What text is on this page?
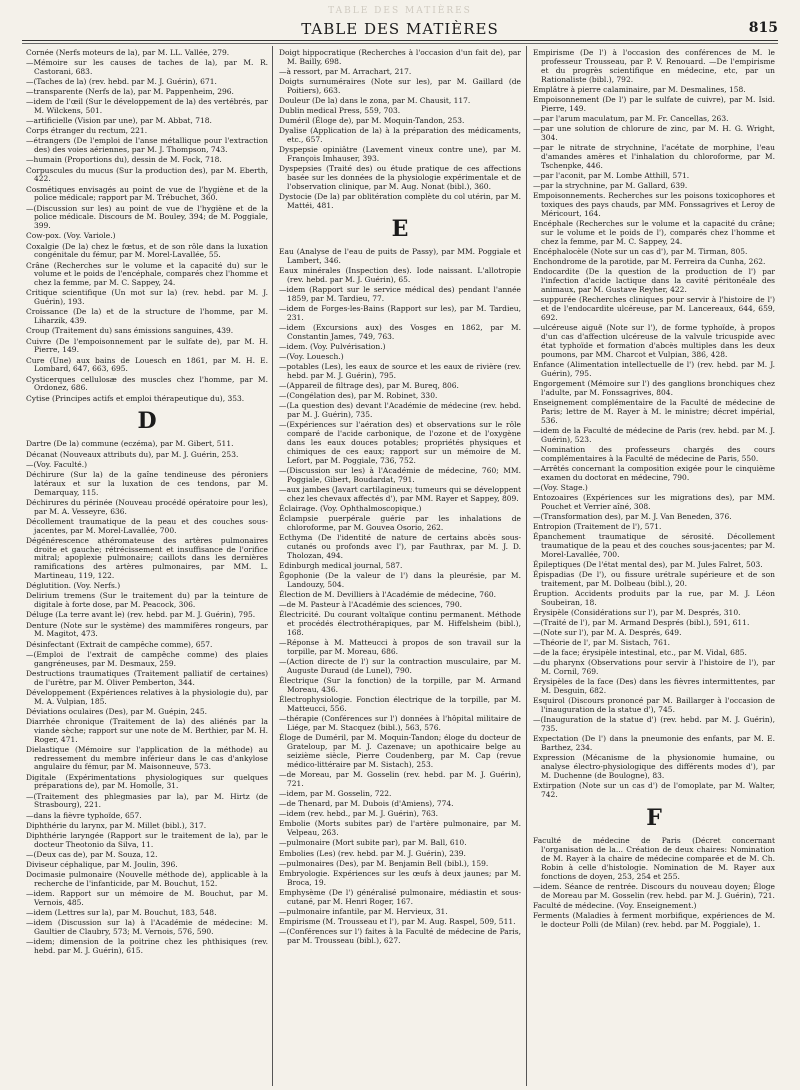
TABLE DES MATIÈRES
TABLE DES MATIÈRES	815
Cornée (Nerfs moteurs de la), par M. LL. Vallée, 279.
—Mémoire sur les causes de taches de la), par M. R. Castorani, 683.
—(Taches de la) (rev. hebd. par M. J. Guérin), 671.
—transparente (Nerfs de la), par M. Pappenheim, 296.
—idem de l'œil (Sur le développement de la) des vertébrés, par M. Wilckens, 501.
—artificielle (Vision par une), par M. Abbat, 718.
Corps étranger du rectum, 221.
—étrangers (De l'emploi de l'anse métallique pour l'extraction des) des voies aériennes, par M. J. Thompson, 743.
—humain (Proportions du), dessin de M. Fock, 718.
Corpuscules du mucus (Sur la production des), par M. Eberth, 422.
Cosmétiques envisagés au point de vue de l'hygiène et de la police médicale; rapport par M. Trébuchet, 360.
—(Discussion sur les) au point de vue de l'hygiène et de la police médicale. Discours de M. Bouley, 394; de M. Poggiale, 399.
Cow-pox. (Voy. Variole.)
Coxalgie (De la) chez le fœtus, et de son rôle dans la luxation congénitale du fémur, par M. Morel-Lavallée, 55.
Crâne (Recherches sur le volume et la capacité du) sur le volume et le poids de l'encéphale, comparés chez l'homme et chez la femme, par M. C. Sappey, 24.
Critique scientifique (Un mot sur la) (rev. hebd. par M. J. Guérin), 193.
Croissance (De la) et de la structure de l'homme, par M. Liharzik, 439.
Croup (Traitement du) sans émissions sanguines, 439.
Cuivre (De l'empoisonnement par le sulfate de), par M. H. Pierre, 149.
Cure (Une) aux bains de Louesch en 1861, par M. H. E. Lombard, 647, 663, 695.
Cysticerques cellulosæ des muscles chez l'homme, par M. Ordonez, 686.
Cytise (Principes actifs et emploi thérapeutique du), 353.
D
Dartre (De la) commune (eczéma), par M. Gibert, 511.
Décanat (Nouveaux attributs du), par M. J. Guérin, 253.
—(Voy. Faculté.)
Déchirure (Sur la) de la gaîne tendineuse des péroniers latéraux et sur la luxation de ces tendons, par M. Demarquay, 115.
Déchirures du périnée (Nouveau procédé opératoire pour les), par M. A. Vesseyre, 636.
Décollement traumatique de la peau et des couches sous-jacentes, par M. Morel-Lavallée, 700.
Dégénérescence athéromateuse des artères pulmonaires droite et gauche; rétrécissement et insuffisance de l'orifice mitral; apoplexie pulmonaire; caillots dans les dernières ramifications des artères pulmonaires, par MM. L. Martineau, 119, 122.
Déglutition. (Voy. Nerfs.)
Delirium tremens (Sur le traitement du) par la teinture de digitale à forte dose, par M. Peacock, 306.
Déluge (La terre avant le) (rev. hebd. par M. J. Guérin), 795.
Denture (Note sur le système) des mammifères rongeurs, par M. Magitot, 473.
Désinfectant (Extrait de campêche comme), 657.
—(Emploi de l'extrait de campêche comme) des plaies gangréneuses, par M. Desmaux, 259.
Destructions traumatiques (Traitement palliatif de certaines) de l'urètre, par M. Oliver Pemberton, 344.
Développement (Expériences relatives à la physiologie du), par M. A. Vulpian, 185.
Déviations oculaires (Des), par M. Guépin, 245.
Diarrhée chronique (Traitement de la) des aliénés par la viande sèche; rapport sur une note de M. Berthier, par M. H. Roger, 471.
Dielastique (Mémoire sur l'application de la méthode) au redressement du membre inférieur dans le cas d'ankylose angulaire du fémur, par M. Maisonneuve, 573.
Digitale (Expérimentations physiologiques sur quelques préparations de), par M. Homolle, 31.
—(Traitement des phlegmasies par la), par M. Hirtz (de Strasbourg), 221.
—dans la fièvre typhoïde, 657.
Diphthérie du larynx, par M. Millet (bibl.), 317.
Diphthérie laryngée (Rapport sur le traitement de la), par le docteur Theotonio da Silva, 11.
—(Deux cas de), par M. Souza, 12.
Diviseur céphalique, par M. Joulin, 396.
Docimasie pulmonaire (Nouvelle méthode de), applicable à la recherche de l'infanticide, par M. Bouchut, 152.
—idem. Rapport sur un mémoire de M. Bouchut, par M. Vernois, 485.
—idem (Lettres sur la), par M. Bouchut, 183, 548.
—idem (Discussion sur la) à l'Académie de médecine: M. Gaultier de Claubry, 573; M. Vernois, 576, 590.
—idem; dimension de la poitrine chez les phthisiques (rev. hebd. par M. J. Guérin), 615.
Doigt hippocratique (Recherches à l'occasion d'un fait de), par M. Bailly, 698.
—à ressort, par M. Arrachart, 217.
Doigts surnuméraires (Note sur les), par M. Gaillard (de Poitiers), 663.
Douleur (De la) dans le zona, par M. Chausit, 117.
Dublin medical Press, 559, 703.
Duméril (Éloge de), par M. Moquin-Tandon, 253.
Dyalise (Application de la) à la préparation des médicaments, etc., 657.
Dyspepsie opiniâtre (Lavement vineux contre une), par M. François Imhauser, 393.
Dyspepsies (Traité des) ou étude pratique de ces affections basée sur les données de la physiologie expérimentale et de l'observation clinique, par M. Aug. Nonat (bibl.), 360.
Dystocie (De la) par oblitération complète du col utérin, par M. Mattéi, 481.
E
Eau (Analyse de l'eau de puits de Passy), par MM. Poggiale et Lambert, 346.
Eaux minérales (Inspection des). Iode naissant. L'allotropie (rev. hebd. par M. J. Guérin), 65.
—idem (Rapport sur le service médical des) pendant l'année 1859, par M. Tardieu, 77.
—idem de Forges-les-Bains (Rapport sur les), par M. Tardieu, 231.
—idem (Excursions aux) des Vosges en 1862, par M. Constantin James, 749, 763.
—idem. (Voy. Pulvérisation.)
—(Voy. Louesch.)
—potables (Les), les eaux de source et les eaux de rivière (rev. hebd. par M. J. Guérin), 795.
—(Appareil de filtrage des), par M. Bureq, 806.
—(Congélation des), par M. Robinet, 330.
—(La question des) devant l'Académie de médecine (rev. hebd. par M. J. Guérin), 735.
—(Expériences sur l'aération des) et observations sur le rôle comparé de l'acide carbonique, de l'ozone et de l'oxygène dans les eaux douces potables; propriétés physiques et chimiques de ces eaux; rapport sur un mémoire de M. Lefort, par M. Poggiale, 736, 752.
—(Discussion sur les) à l'Académie de médecine, 760; MM. Poggiale, Gibert, Boudardat, 791.
—aux jambes (Javart cartilagineux; tumeurs qui se développent chez les chevaux affectés d'), par MM. Rayer et Sappey, 809.
Éclairage. (Voy. Ophthalmoscopique.)
Éclampsie puerpérale guérie par les inhalations de chloroforme, par M. Gouvea Osorio, 262.
Ecthyma (De l'identité de nature de certains abcès sous-cutanés ou profonds avec l'), par Fauthrax, par M. J. D. Tholozan, 494.
Edinburgh medical journal, 587.
Égophonie (De la valeur de l') dans la pleurésie, par M. Landouzy, 504.
Élection de M. Devilliers à l'Académie de médecine, 760.
—de M. Pasteur à l'Académie des sciences, 790.
Électricité. Du courant voltaïque continu permanent. Méthode et procédés électrothérapiques, par M. Hiffelsheim (bibl.), 168.
—Réponse à M. Matteucci à propos de son travail sur la torpille, par M. Moreau, 686.
—(Action directe de l') sur la contraction musculaire, par M. Auguste Duraud (de Lunel), 790.
Électrique (Sur la fonction) de la torpille, par M. Armand Moreau, 436.
Électrophysiologie. Fonction électrique de la torpille, par M. Matteucci, 556.
—thérapie (Conférences sur l') données à l'hôpital militaire de Liége, par M. Stacquez (bibl.), 563, 576.
Éloge de Duméril, par M. Moquin-Tandon; éloge du docteur de Grateloup, par M. J. Cazenave; un apothicaire belge au seizième siècle, Pierre Coudenberg, par M. Cap (revue médico-littéraire par M. Sistach), 253.
—de Moreau, par M. Gosselin (rev. hebd. par M. J. Guérin), 721.
—idem, par M. Gosselin, 722.
—de Thenard, par M. Dubois (d'Amiens), 774.
—idem (rev. hebd., par M. J. Guérin), 763.
Embolie (Morts subites par) de l'artère pulmonaire, par M. Velpeau, 263.
—pulmonaire (Mort subite par), par M. Ball, 610.
Embolies (Les) (rev. hebd. par M. J. Guérin), 239.
—pulmonaires (Des), par M. Benjamin Bell (bibl.), 159.
Embryologie. Expériences sur les œufs à deux jaunes; par M. Broca, 19.
Emphysème (De l') généralisé pulmonaire, médiastin et sous-cutané, par M. Henri Roger, 167.
—pulmonaire infantile, par M. Hervieux, 31.
Empirisme (M. Trousseau et l'), par M. Aug. Raspel, 509, 511.
—(Conférences sur l') faites à la Faculté de médecine de Paris, par M. Trousseau (bibl.), 627.
Empirisme (De l') à l'occasion des conférences de M. le professeur Trousseau, par P. V. Renouard. —De l'empirisme et du progrès scientifique en médecine, etc, par un Rationaliste (bibl.), 792.
Emplâtre à pierre calaminaire, par M. Desmalines, 158.
Empoisonnement (De l') par le sulfate de cuivre), par M. Isid. Pierre, 149.
—par l'arum maculatum, par M. Fr. Cancellas, 263.
—par une solution de chlorure de zinc, par M. H. G. Wright, 304.
—par le nitrate de strychnine, l'acétate de morphine, l'eau d'amandes amères et l'inhalation du chloroforme, par M. Tschenpke, 446.
—par l'aconit, par M. Lombe Atthill, 571.
—par la strychnine, par M. Gallard, 639.
Empoisonnements. Recherches sur les poisons toxicophores et toxiques des pays chauds, par MM. Fonssagrives et Leroy de Méricourt, 164.
Encéphale (Recherches sur le volume et la capacité du crâne; sur le volume et le poids de l'), comparés chez l'homme et chez la femme, par M. C. Sappey, 24.
Encéphalocèle (Note sur un cas d'), par M. Tirman, 805.
Enchondrome de la parotide, par M. Ferreira da Cunha, 262.
Endocardite (De la question de la production de l') par l'infection d'acide lactique dans la cavité péritonéale des animaux, par M. Gustave Reyher, 422.
—suppurée (Recherches cliniques pour servir à l'histoire de l') et de l'endocardite ulcéreuse, par M. Lancereaux, 644, 659, 692.
—ulcéreuse aiguë (Note sur l'), de forme typhoïde, à propos d'un cas d'affection ulcéreuse de la valvule tricuspide avec état typhoïde et formation d'abcès multiples dans les deux poumons, par MM. Charcot et Vulpian, 386, 428.
Enfance (Alimentation intellectuelle de l') (rev. hebd. par M. J. Guérin), 795.
Engorgement (Mémoire sur l') des ganglions bronchiques chez l'adulte, par M. Fonssagrives, 804.
Enseignement complémentaire de la Faculté de médecine de Paris; lettre de M. Rayer à M. le ministre; décret impérial, 536.
—idem de la Faculté de médecine de Paris (rev. hebd. par M. J. Guérin), 523.
—Nomination des professeurs chargés des cours complémentaires à la Faculté de médecine de Paris, 550.
—Arrêtés concernant la composition exigée pour le cinquième examen du doctorat en médecine, 790.
—(Voy. Stage.)
Entozoaires (Expériences sur les migrations des), par MM. Pouchet et Verrier aîné, 308.
—(Transformation des), par M. J. Van Beneden, 376.
Entropion (Traitement de l'), 571.
Épanchement traumatique de sérosité. Décollement traumatique de la peau et des couches sous-jacentes; par M. Morel-Lavallée, 700.
Épileptiques (De l'état mental des), par M. Jules Falret, 503.
Épispadias (De l'), ou fissure urétrale supérieure et de son traitement, par M. Dolbeau (bibl.), 20.
Éruption. Accidents produits par la rue, par M. J. Léon Soubeiran, 18.
Érysipèle (Considérations sur l'), par M. Després, 310.
—(Traité de l'), par M. Armand Després (bibl.), 591, 611.
—(Note sur l'), par M. A. Després, 649.
—Théorie de l', par M. Sistach, 761.
—de la face; érysipèle intestinal, etc., par M. Vidal, 685.
—du pharynx (Observations pour servir à l'histoire de l'), par M. Cornil, 769.
Érysipèles de la face (Des) dans les fièvres intermittentes, par M. Desguin, 682.
Esquirol (Discours prononcé par M. Baillarger à l'occasion de l'inauguration de la statue d'), 745.
—(Inauguration de la statue d') (rev. hebd. par M. J. Guérin), 735.
Expectation (De l') dans la pneumonie des enfants, par M. E. Barthez, 234.
Expression (Mécanisme de la physionomie humaine, ou analyse électro-physiologique des différents modes d'), par M. Duchenne (de Boulogne), 83.
Extirpation (Note sur un cas d') de l'omoplate, par M. Walter, 742.
F
Faculté de médecine de Paris (Décret concernant l'organisation de la... Création de deux chaires: Nomination de M. Rayer à la chaire de médecine comparée et de M. Ch. Robin à celle d'histologie. Nomination de M. Rayer aux fonctions de doyen, 253, 254 et 255.
—idem. Séance de rentrée. Discours du nouveau doyen; Éloge de Moreau par M. Gosselin (rev. hebd. par M. J. Guérin), 721.
Faculté de médecine. (Voy. Enseignement.)
Ferments (Maladies à ferment morbifique, expériences de M. le docteur Polli (de Milan) (rev. hebd. par M. Poggiale), 1.
